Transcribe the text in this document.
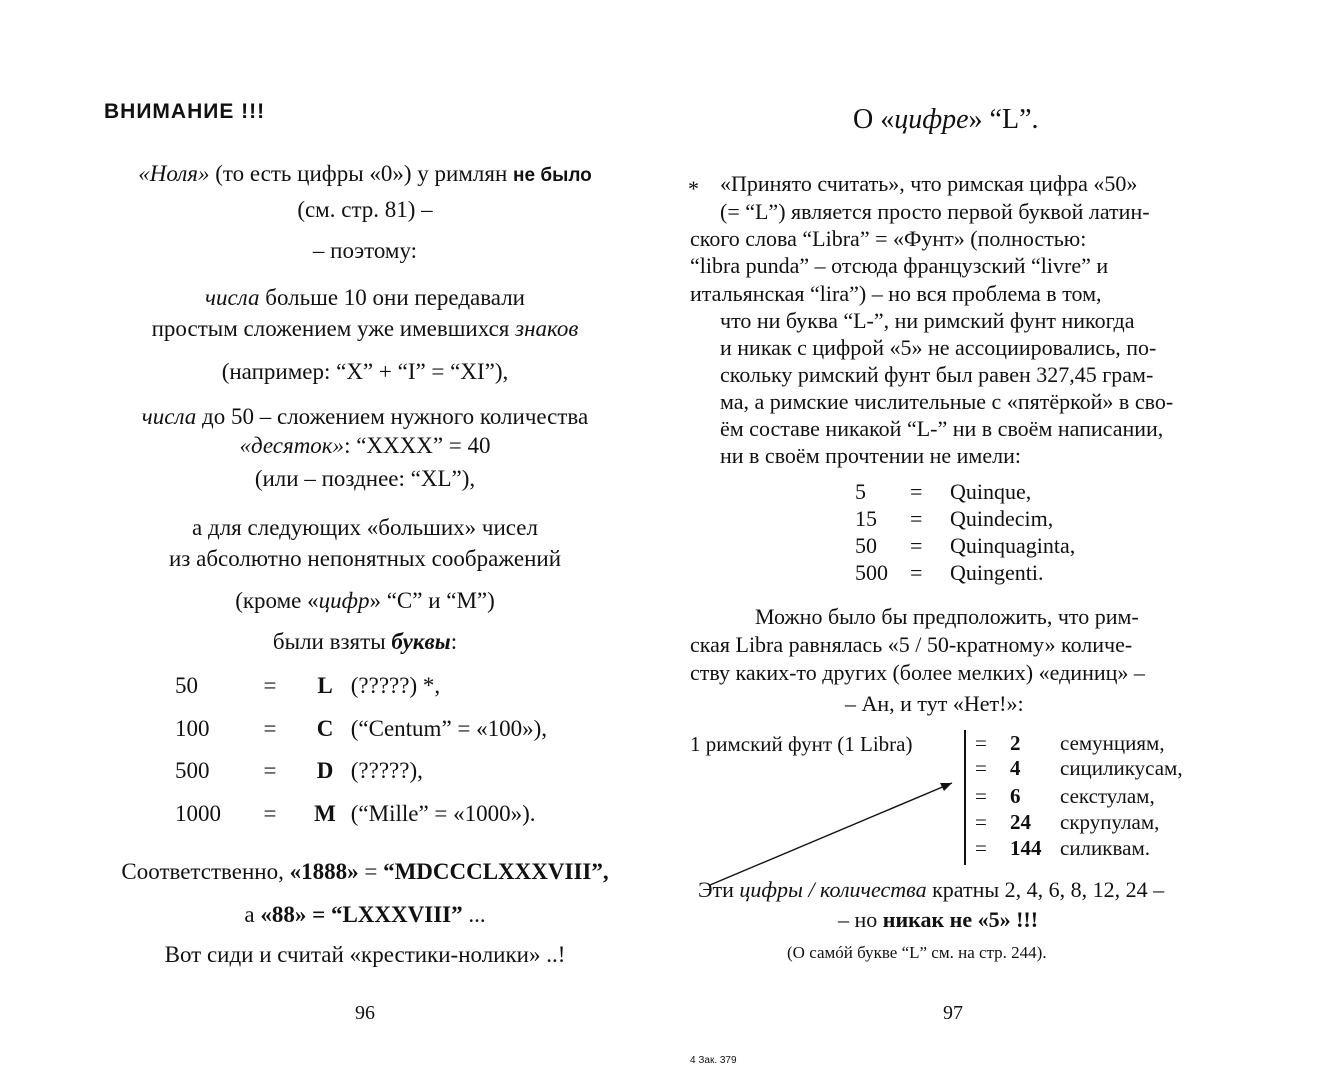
ВНИМАНИЕ !!!
«Ноля» (то есть цифры «0») у римлян не было
(см. стр. 81) –
– поэтому:
числа больше 10 они передавали
простым сложением уже имевшихся знаков
(например: “X” + “I” = “XI”),
числа до 50 – сложением нужного количества
«десяток»: “XXXX” = 40
(или – позднее: “XL”),
а для следующих «больших» чисел
из абсолютно непонятных соображений
(кроме «цифр» “C” и “M”)
были взяты буквы:
50	= L (?????) *,
100 = C (“Centum” = «100»),
500 = D (?????),
1000 = M (“Mille” = «1000»).
Соответственно, «1888» = “MDCCCLXXXVIII”,
а «88» = “LXXXVIII” ...
Вот сиди и считай «крестики-нолики» ..!
96
О «цифре» “L”.
* «Принято считать», что римская цифра «50»
(= “L”) является просто первой буквой латин-
ского слова “Libra” = «Фунт» (полностью:
“libra punda” – отсюда французский “livre” и
итальянская “lira”) – но вся проблема в том,
что ни буква “L-”, ни римский фунт никогда
и никак с цифрой «5» не ассоциировались, по-
скольку римский фунт был равен 327,45 грам-
ма, а римские числительные с «пятёркой» в сво-
ём составе никакой “L-” ни в своём написании,
ни в своём прочтении не имели:
5 = Quinque,
15 = Quindecim,
50 = Quinquaginta,
500 = Quingenti.
Можно было бы предположить, что рим-
ская Libra равнялась «5 / 50-кратному» количе-
ству каких-то других (более мелких) «единиц» –
– Ан, и тут «Нет!»:
1 римский фунт (1 Libra)	= 2 семунциям,
= 4 сициликусам,
= 6 секстулам,
= 24 скрупулам,
= 144 силиквам.
Эти цифры / количества кратны 2, 4, 6, 8, 12, 24 –
– но никак не «5» !!!
(О самóй букве “L” см. на стр. 244).
97
4 Зак. 379
